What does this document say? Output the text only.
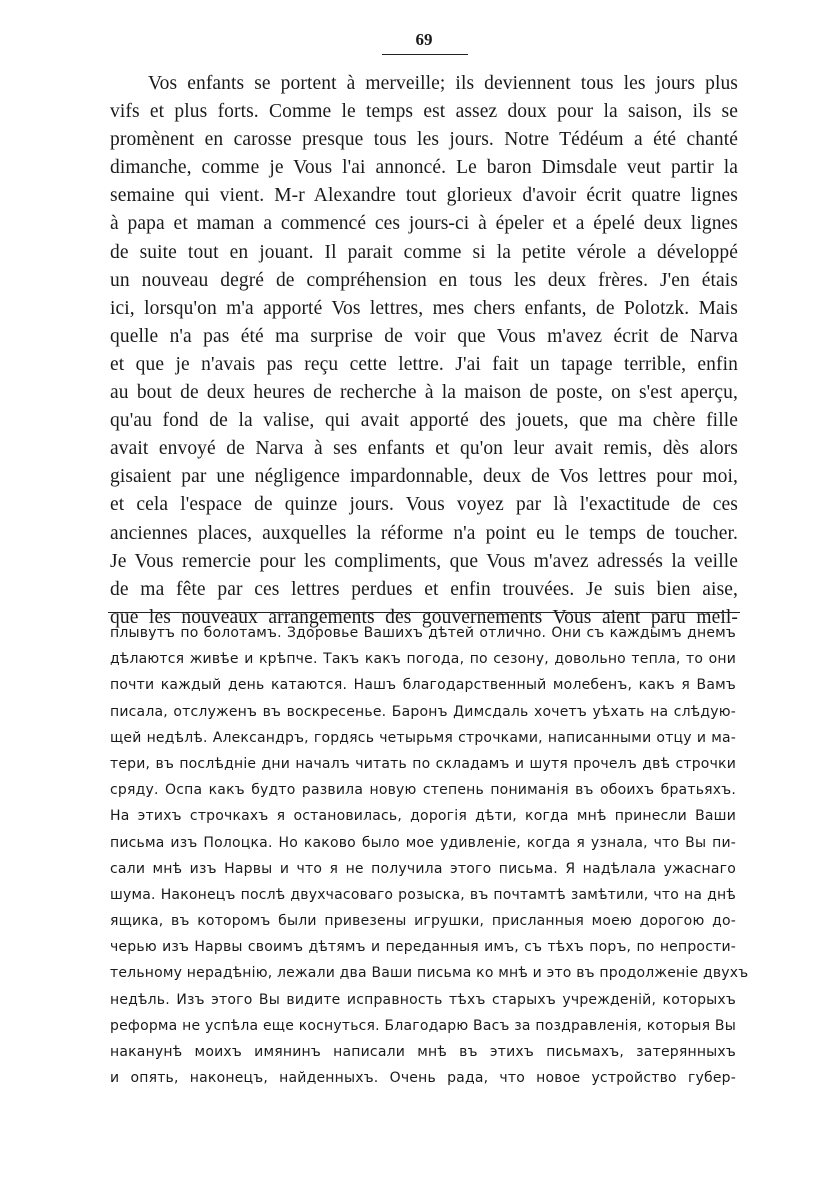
69
Vos enfants se portent à merveille; ils deviennent tous les jours plus
vifs et plus forts. Comme le temps est assez doux pour la saison, ils se
promènent en carosse presque tous les jours. Notre Tédéum a été chanté
dimanche, comme je Vous l'ai annoncé. Le baron Dimsdale veut partir la
semaine qui vient. M-r Alexandre tout glorieux d'avoir écrit quatre lignes
à papa et maman a commencé ces jours-ci à épeler et a épelé deux lignes
de suite tout en jouant. Il parait comme si la petite vérole a développé
un nouveau degré de compréhension en tous les deux frères. J'en étais
ici, lorsqu'on m'a apporté Vos lettres, mes chers enfants, de Polotzk. Mais
quelle n'a pas été ma surprise de voir que Vous m'avez écrit de Narva
et que je n'avais pas reçu cette lettre. J'ai fait un tapage terrible, enfin
au bout de deux heures de recherche à la maison de poste, on s'est aperçu,
qu'au fond de la valise, qui avait apporté des jouets, que ma chère fille
avait envoyé de Narva à ses enfants et qu'on leur avait remis, dès alors
gisaient par une négligence impardonnable, deux de Vos lettres pour moi,
et cela l'espace de quinze jours. Vous voyez par là l'exactitude de ces
anciennes places, auxquelles la réforme n'a point eu le temps de toucher.
Je Vous remercie pour les compliments, que Vous m'avez adressés la veille
de ma fête par ces lettres perdues et enfin trouvées. Je suis bien aise,
que les nouveaux arrangements des gouvernements Vous aient paru meil-
плывутъ по болотамъ. Здоровье Вашихъ дѣтей отлично. Они съ каждымъ днемъ
дѣлаются живѣе и крѣпче. Такъ какъ погода, по сезону, довольно тепла, то они
почти каждый день катаются. Нашъ благодарственный молебенъ, какъ я Вамъ
писала, отслуженъ въ воскресенье. Баронъ Димсдаль хочетъ уѣхать на слѣдую-
щей недѣлѣ. Александръ, гордясь четырьмя строчками, написанными отцу и ма-
тери, въ послѣдніе дни началъ читать по складамъ и шутя прочелъ двѣ строчки
сряду. Оспа какъ будто развила новую степень пониманія въ обоихъ братьяхъ.
На этихъ строчкахъ я остановилась, дорогія дѣти, когда мнѣ принесли Ваши
письма изъ Полоцка. Но каково было мое удивленіе, когда я узнала, что Вы пи-
сали мнѣ изъ Нарвы и что я не получила этого письма. Я надѣлала ужаснаго
шума. Наконецъ послѣ двухчасоваго розыска, въ почтамтѣ замѣтили, что на днѣ
ящика, въ которомъ были привезены игрушки, присланныя моею дорогою до-
черью изъ Нарвы своимъ дѣтямъ и переданныя имъ, съ тѣхъ поръ, по непрости-
тельному нерадѣнію, лежали два Ваши письма ко мнѣ и это въ продолженіе двухъ
недѣль. Изъ этого Вы видите исправность тѣхъ старыхъ учрежденій, которыхъ
реформа не успѣла еще коснуться. Благодарю Васъ за поздравленія, которыя Вы
наканунѣ моихъ имянинъ написали мнѣ въ этихъ письмахъ, затерянныхъ
и опять, наконецъ, найденныхъ. Очень рада, что новое устройство губер-
